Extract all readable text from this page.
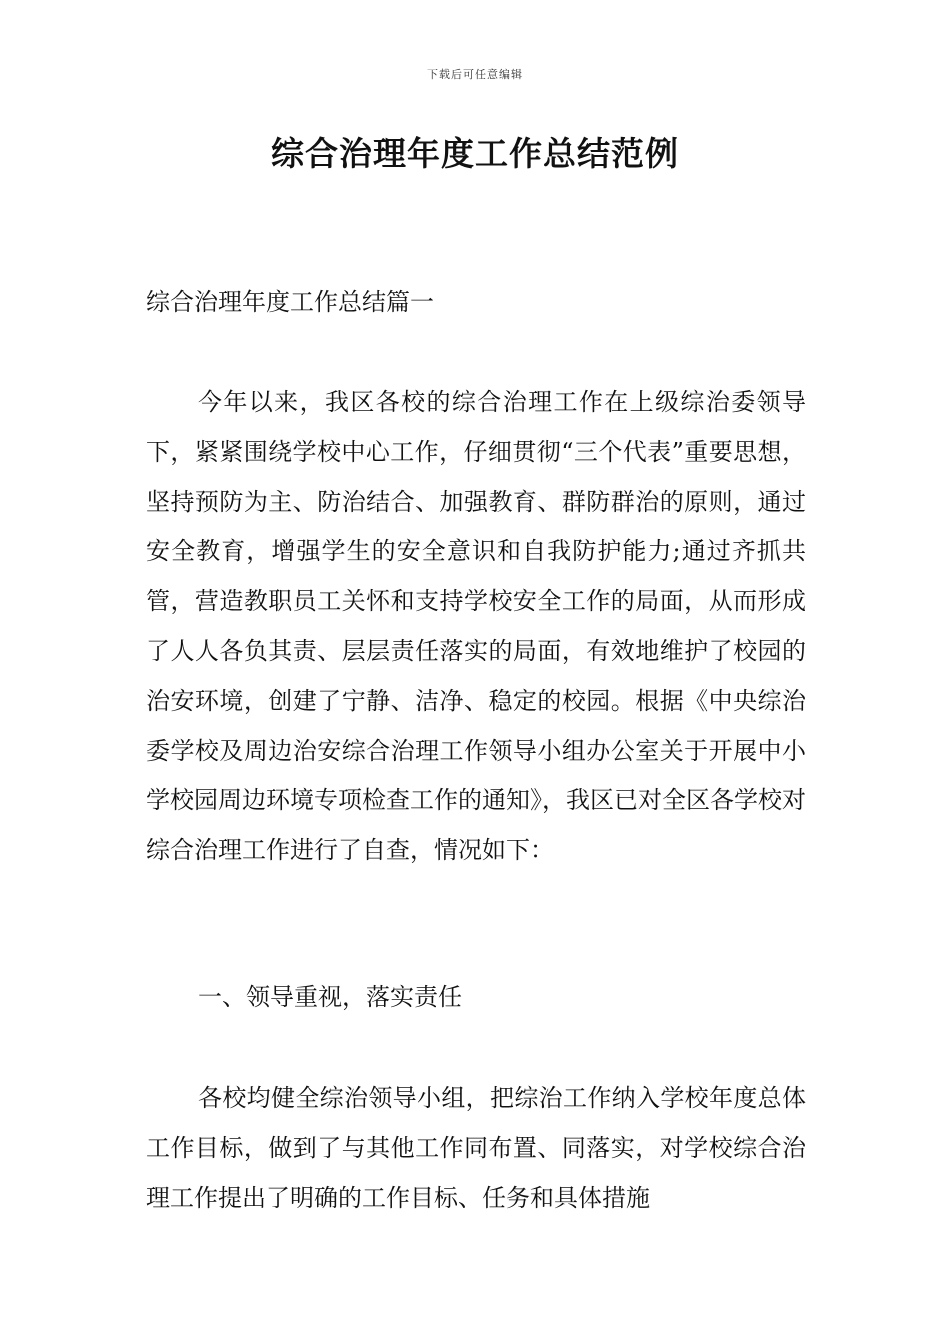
下载后可任意编辑
综合治理年度工作总结范例
综合治理年度工作总结篇一

今年以来，我区各校的综合治理工作在上级综治委领导下，紧紧围绕学校中心工作，仔细贯彻“三个代表”重要思想，坚持预防为主、防治结合、加强教育、群防群治的原则，通过安全教育，增强学生的安全意识和自我防护能力;通过齐抓共管，营造教职员工关怀和支持学校安全工作的局面，从而形成了人人各负其责、层层责任落实的局面，有效地维护了校园的治安环境，创建了宁静、洁净、稳定的校园。根据《中央综治委学校及周边治安综合治理工作领导小组办公室关于开展中小学校园周边环境专项检查工作的通知》，我区已对全区各学校对综合治理工作进行了自查，情况如下：

一、领导重视，落实责任

各校均健全综治领导小组，把综治工作纳入学校年度总体工作目标，做到了与其他工作同布置、同落实，对学校综合治理工作提出了明确的工作目标、任务和具体措施
